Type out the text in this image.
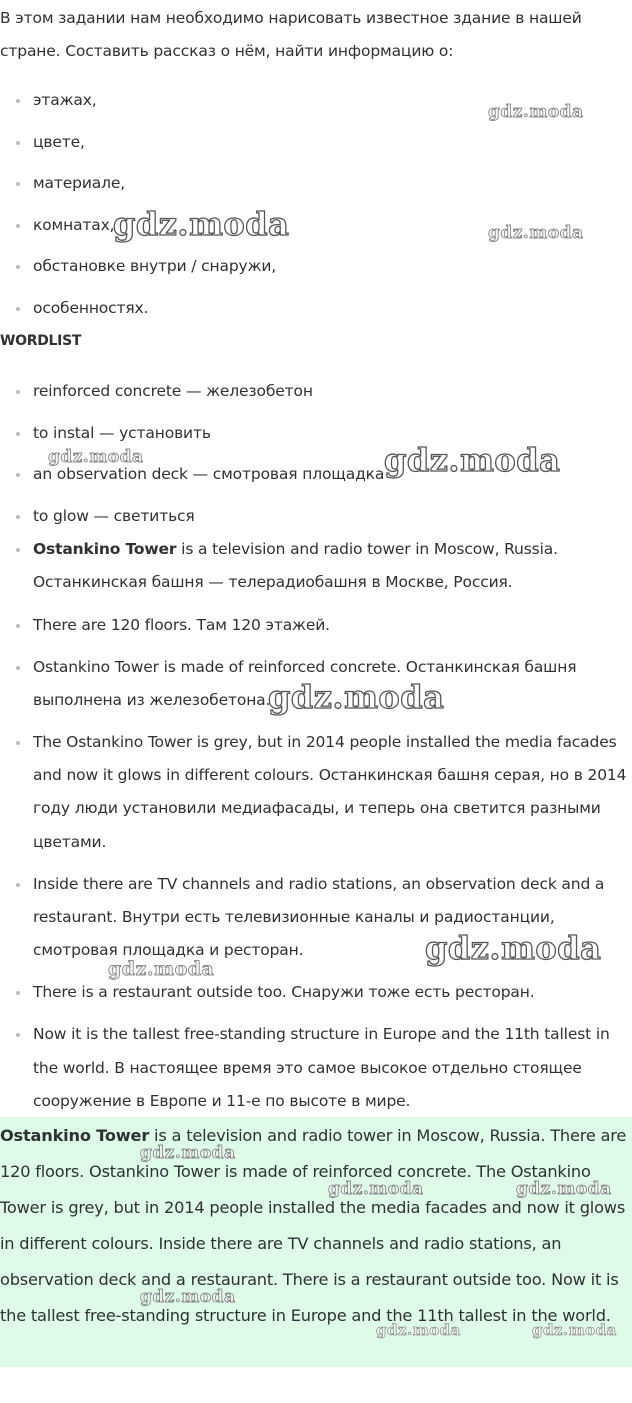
В этом задании нам необходимо нарисовать известное здание в нашей стране. Составить рассказ о нём, найти информацию о:

этажах,
цвете,
материале,
комнатах,
обстановке внутри / снаружи,
особенностях.
WORDLIST
reinforced concrete — железобетон
to instal — установить
an observation deck — смотровая площадка
to glow — светиться
Ostankino Tower is a television and radio tower in Moscow, Russia. Останкинская башня — телерадиобашня в Москве, Россия.
There are 120 floors. Там 120 этажей.
Ostankino Tower is made of reinforced concrete. Останкинская башня выполнена из железобетона.
The Ostankino Tower is grey, but in 2014 people installed the media facades and now it glows in different colours. Останкинская башня серая, но в 2014 году люди установили медиафасады, и теперь она светится разными цветами.
Inside there are TV channels and radio stations, an observation deck and a restaurant. Внутри есть телевизионные каналы и радиостанции, смотровая площадка и ресторан.
There is a restaurant outside too. Снаружи тоже есть ресторан.
Now it is the tallest free-standing structure in Europe and the 11th tallest in the world. В настоящее время это самое высокое отдельно стоящее сооружение в Европе и 11-е по высоте в мире.

Ostankino Tower is a television and radio tower in Moscow, Russia. There are 120 floors. Ostankino Tower is made of reinforced concrete. The Ostankino Tower is grey, but in 2014 people installed the media facades and now it glows in different colours. Inside there are TV channels and radio stations, an observation deck and a restaurant. There is a restaurant outside too. Now it is the tallest free-standing structure in Europe and the 11th tallest in the world.

gdz.moda
gdz.moda	gdz.moda
gdz.moda	gdz.moda
gdz.moda
gdz.moda
gdz.moda
gdz.moda
gdz.moda	gdz.moda
gdz.moda
gdz.moda	gdz.moda
